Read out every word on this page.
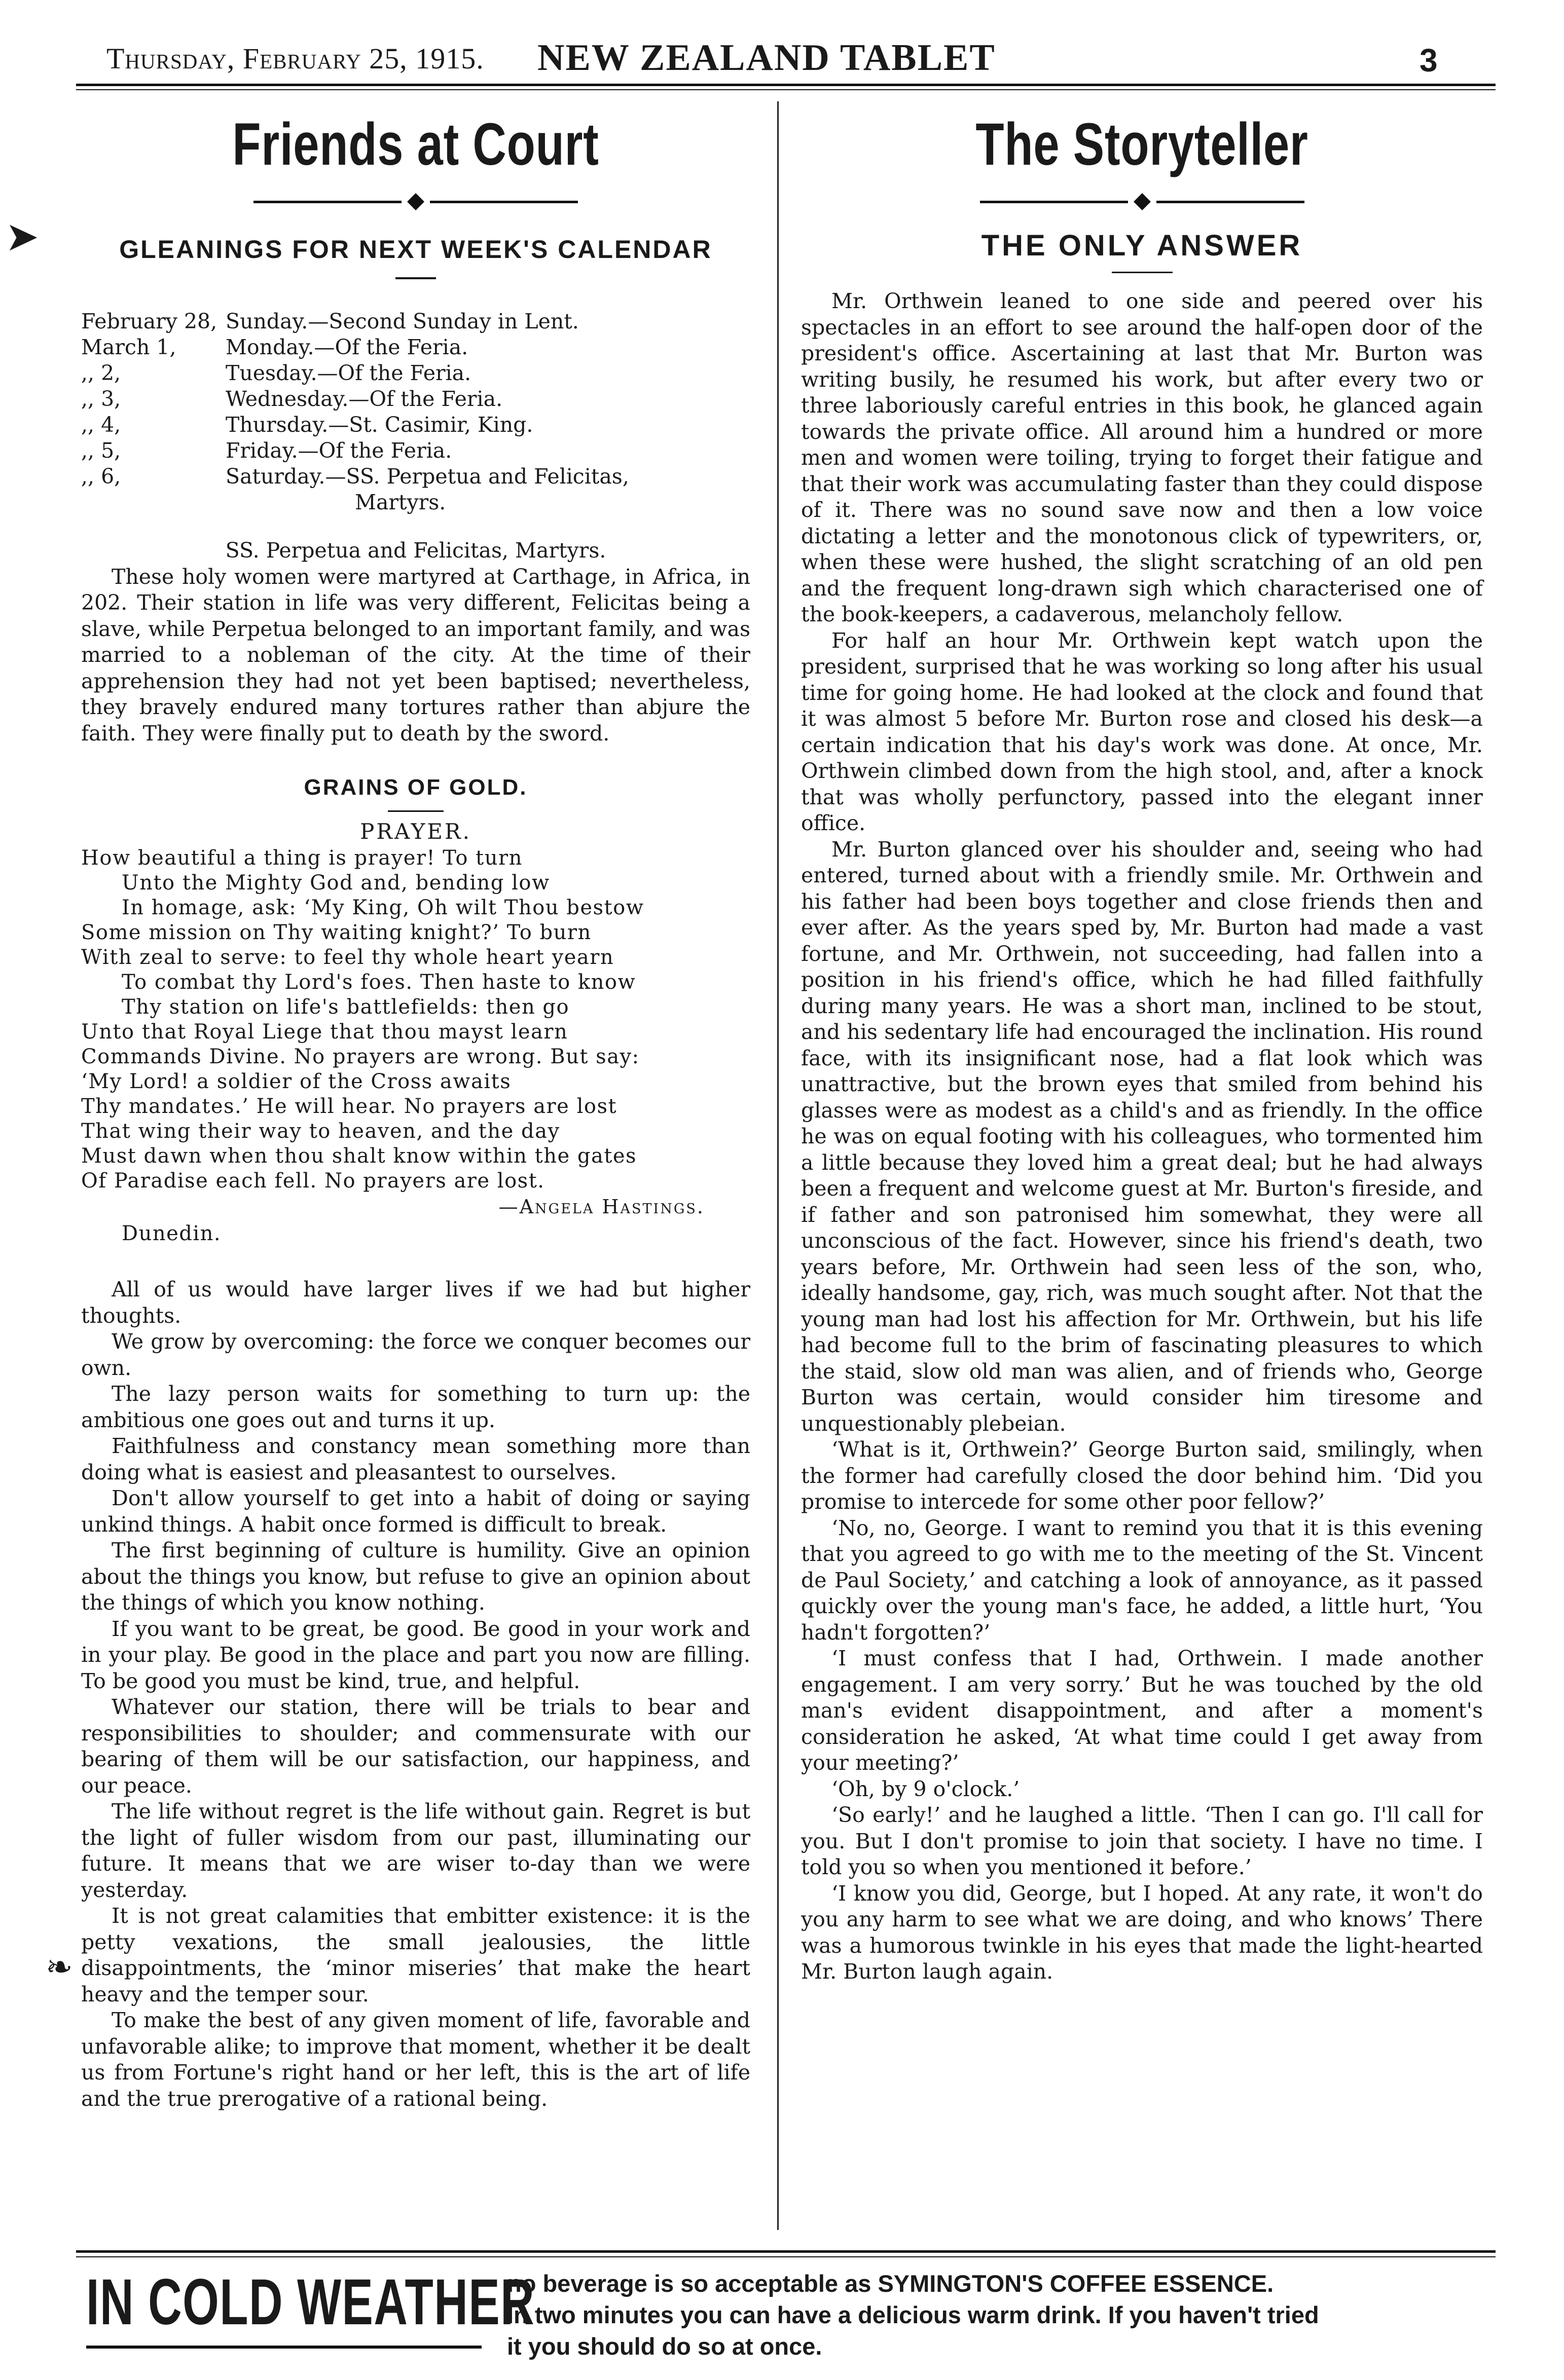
Thursday, February 25, 1915. NEW ZEALAND TABLET	3
➤
❧
Friends at Court
GLEANINGS FOR NEXT WEEK'S CALENDAR
February 28, Sunday.—Second Sunday in Lent.
March 1,	Monday.—Of the Feria.
,, 2,	Tuesday.—Of the Feria.
,, 3,	Wednesday.—Of the Feria.
,, 4,	Thursday.—St. Casimir, King.
,, 5,	Friday.—Of the Feria.
,, 6,	Saturday.—SS. Perpetua and Felicitas,
Martyrs.

SS. Perpetua and Felicitas, Martyrs.

These holy women were martyred at Carthage, in Africa, in 202. Their station in life was very different, Felicitas being a slave, while Perpetua belonged to an important family, and was married to a nobleman of the city. At the time of their apprehension they had not yet been baptised; nevertheless, they bravely endured many tortures rather than abjure the faith. They were finally put to death by the sword.

GRAINS OF GOLD.
PRAYER.
How beautiful a thing is prayer! To turn
Unto the Mighty God and, bending low
In homage, ask: ‘My King, Oh wilt Thou bestow
Some mission on Thy waiting knight?’ To burn
With zeal to serve: to feel thy whole heart yearn
To combat thy Lord's foes. Then haste to know
Thy station on life's battlefields: then go
Unto that Royal Liege that thou mayst learn
Commands Divine. No prayers are wrong. But say:
‘My Lord! a soldier of the Cross awaits
Thy mandates.’ He will hear. No prayers are lost
That wing their way to heaven, and the day
Must dawn when thou shalt know within the gates
Of Paradise each fell. No prayers are lost.
—Angela Hastings.
Dunedin.

All of us would have larger lives if we had but higher thoughts.

We grow by overcoming: the force we conquer becomes our own.

The lazy person waits for something to turn up: the ambitious one goes out and turns it up.

Faithfulness and constancy mean something more than doing what is easiest and pleasantest to ourselves.

Don't allow yourself to get into a habit of doing or saying unkind things. A habit once formed is difficult to break.

The first beginning of culture is humility. Give an opinion about the things you know, but refuse to give an opinion about the things of which you know nothing.

If you want to be great, be good. Be good in your work and in your play. Be good in the place and part you now are filling. To be good you must be kind, true, and helpful.

Whatever our station, there will be trials to bear and responsibilities to shoulder; and commensurate with our bearing of them will be our satisfaction, our happiness, and our peace.

The life without regret is the life without gain. Regret is but the light of fuller wisdom from our past, illuminating our future. It means that we are wiser to-day than we were yesterday.

It is not great calamities that embitter existence: it is the petty vexations, the small jealousies, the little disappointments, the ‘minor miseries’ that make the heart heavy and the temper sour.

To make the best of any given moment of life, favorable and unfavorable alike; to improve that moment, whether it be dealt us from Fortune's right hand or her left, this is the art of life and the true prerogative of a rational being.

The Storyteller
THE ONLY ANSWER

Mr. Orthwein leaned to one side and peered over his spectacles in an effort to see around the half-open door of the president's office. Ascertaining at last that Mr. Burton was writing busily, he resumed his work, but after every two or three laboriously careful entries in this book, he glanced again towards the private office. All around him a hundred or more men and women were toiling, trying to forget their fatigue and that their work was accumulating faster than they could dispose of it. There was no sound save now and then a low voice dictating a letter and the monotonous click of typewriters, or, when these were hushed, the slight scratching of an old pen and the frequent long-drawn sigh which characterised one of the book-keepers, a cadaverous, melancholy fellow.

For half an hour Mr. Orthwein kept watch upon the president, surprised that he was working so long after his usual time for going home. He had looked at the clock and found that it was almost 5 before Mr. Burton rose and closed his desk—a certain indication that his day's work was done. At once, Mr. Orthwein climbed down from the high stool, and, after a knock that was wholly perfunctory, passed into the elegant inner office.

Mr. Burton glanced over his shoulder and, seeing who had entered, turned about with a friendly smile. Mr. Orthwein and his father had been boys together and close friends then and ever after. As the years sped by, Mr. Burton had made a vast fortune, and Mr. Orthwein, not succeeding, had fallen into a position in his friend's office, which he had filled faithfully during many years. He was a short man, inclined to be stout, and his sedentary life had encouraged the inclination. His round face, with its insignificant nose, had a flat look which was unattractive, but the brown eyes that smiled from behind his glasses were as modest as a child's and as friendly. In the office he was on equal footing with his colleagues, who tormented him a little because they loved him a great deal; but he had always been a frequent and welcome guest at Mr. Burton's fireside, and if father and son patronised him somewhat, they were all unconscious of the fact. However, since his friend's death, two years before, Mr. Orthwein had seen less of the son, who, ideally handsome, gay, rich, was much sought after. Not that the young man had lost his affection for Mr. Orthwein, but his life had become full to the brim of fascinating pleasures to which the staid, slow old man was alien, and of friends who, George Burton was certain, would consider him tiresome and unquestionably plebeian.

‘What is it, Orthwein?’ George Burton said, smilingly, when the former had carefully closed the door behind him. ‘Did you promise to intercede for some other poor fellow?’

‘No, no, George. I want to remind you that it is this evening that you agreed to go with me to the meeting of the St. Vincent de Paul Society,’ and catching a look of annoyance, as it passed quickly over the young man's face, he added, a little hurt, ‘You hadn't forgotten?’

‘I must confess that I had, Orthwein. I made another engagement. I am very sorry.’ But he was touched by the old man's evident disappointment, and after a moment's consideration he asked, ‘At what time could I get away from your meeting?’

‘Oh, by 9 o'clock.’

‘So early!’ and he laughed a little. ‘Then I can go. I'll call for you. But I don't promise to join that society. I have no time. I told you so when you mentioned it before.’

‘I know you did, George, but I hoped. At any rate, it won't do you any harm to see what we are doing, and who knows’ There was a humorous twinkle in his eyes that made the light-hearted Mr. Burton laugh again.

IN COLD WEATHER
no beverage is so acceptable as SYMINGTON'S COFFEE ESSENCE.
In two minutes you can have a delicious warm drink. If you haven't tried
it you should do so at once.
